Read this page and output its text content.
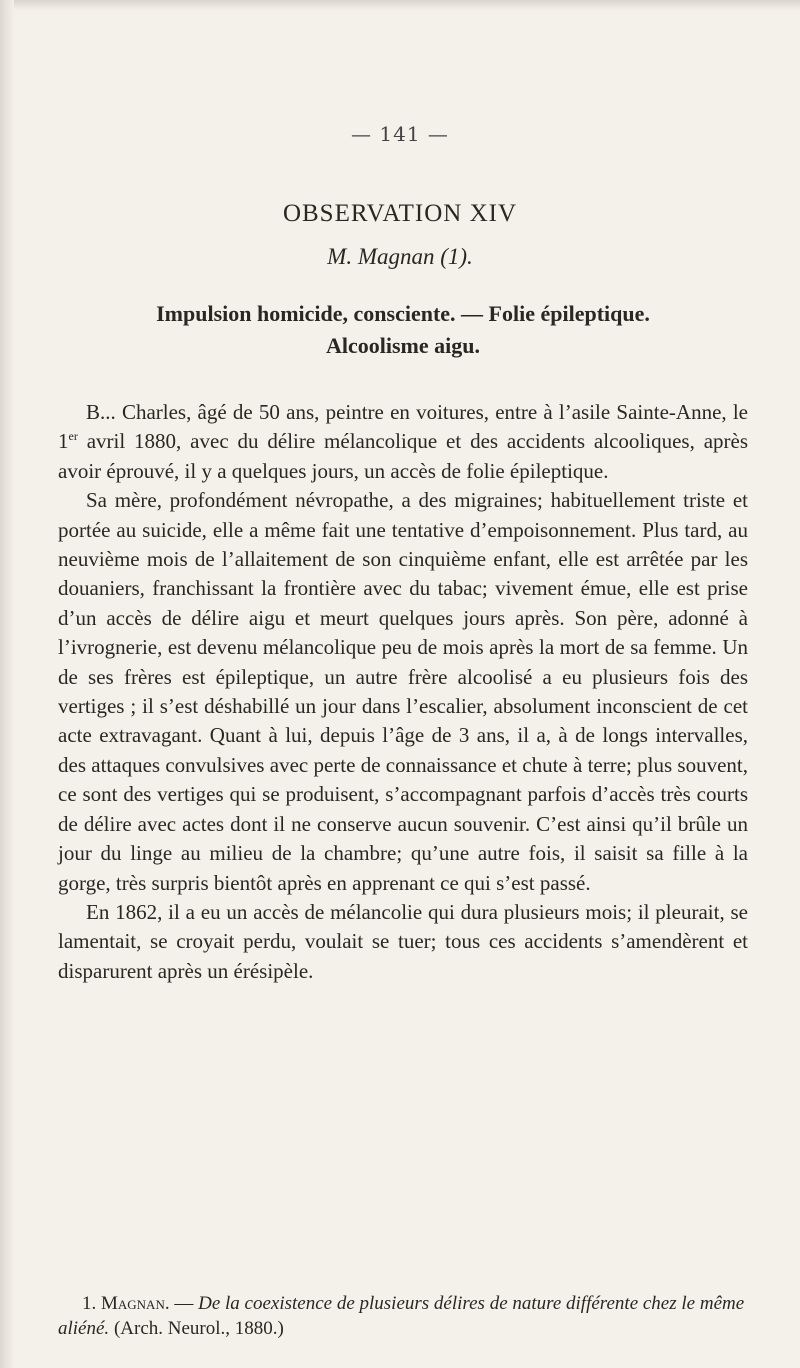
— 141 —
OBSERVATION XIV
M. Magnan (1).
Impulsion homicide, consciente. — Folie épileptique.
Alcoolisme aigu.

B... Charles, âgé de 50 ans, peintre en voitures, entre à l’asile Sainte-Anne, le 1er avril 1880, avec du délire mélancolique et des accidents alcooliques, après avoir éprouvé, il y a quelques jours, un accès de folie épileptique.

Sa mère, profondément névropathe, a des migraines; habituellement triste et portée au suicide, elle a même fait une tentative d’empoisonnement. Plus tard, au neuvième mois de l’allaitement de son cinquième enfant, elle est arrêtée par les douaniers, franchissant la frontière avec du tabac; vivement émue, elle est prise d’un accès de délire aigu et meurt quelques jours après. Son père, adonné à l’ivrognerie, est devenu mélancolique peu de mois après la mort de sa femme. Un de ses frères est épileptique, un autre frère alcoolisé a eu plusieurs fois des vertiges ; il s’est déshabillé un jour dans l’escalier, absolument inconscient de cet acte extravagant. Quant à lui, depuis l’âge de 3 ans, il a, à de longs intervalles, des attaques convulsives avec perte de connaissance et chute à terre; plus souvent, ce sont des vertiges qui se produisent, s’accompagnant parfois d’accès très courts de délire avec actes dont il ne conserve aucun souvenir. C’est ainsi qu’il brûle un jour du linge au milieu de la chambre; qu’une autre fois, il saisit sa fille à la gorge, très surpris bientôt après en apprenant ce qui s’est passé.

En 1862, il a eu un accès de mélancolie qui dura plusieurs mois; il pleurait, se lamentait, se croyait perdu, voulait se tuer; tous ces accidents s’amendèrent et disparurent après un érésipèle.

1. Magnan. — De la coexistence de plusieurs délires de nature différente chez le même aliéné. (Arch. Neurol., 1880.)
